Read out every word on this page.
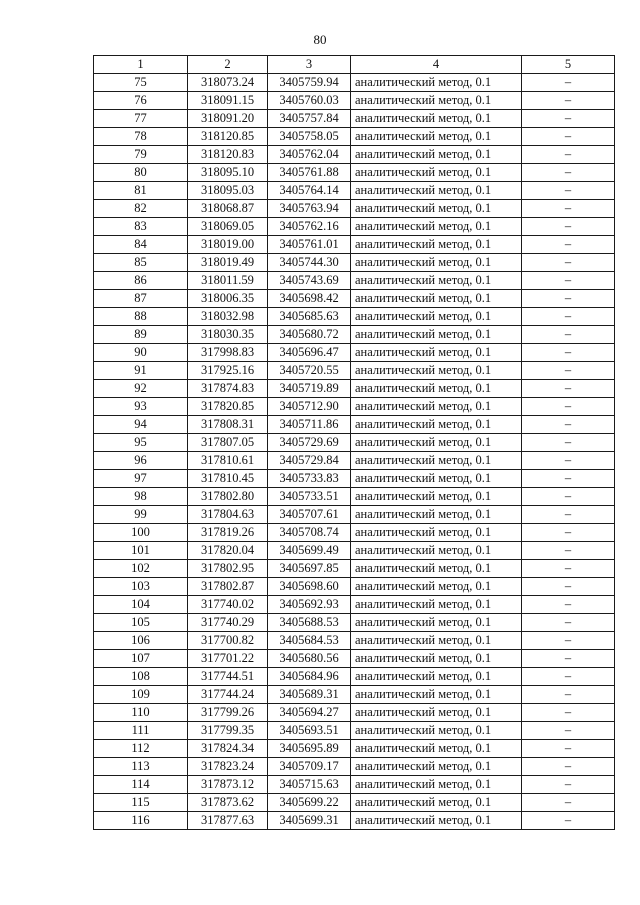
80
1	2	3	4	5
75	318073.24	3405759.94	аналитический метод, 0.1	–
76	318091.15	3405760.03	аналитический метод, 0.1	–
77	318091.20	3405757.84	аналитический метод, 0.1	–
78	318120.85	3405758.05	аналитический метод, 0.1	–
79	318120.83	3405762.04	аналитический метод, 0.1	–
80	318095.10	3405761.88	аналитический метод, 0.1	–
81	318095.03	3405764.14	аналитический метод, 0.1	–
82	318068.87	3405763.94	аналитический метод, 0.1	–
83	318069.05	3405762.16	аналитический метод, 0.1	–
84	318019.00	3405761.01	аналитический метод, 0.1	–
85	318019.49	3405744.30	аналитический метод, 0.1	–
86	318011.59	3405743.69	аналитический метод, 0.1	–
87	318006.35	3405698.42	аналитический метод, 0.1	–
88	318032.98	3405685.63	аналитический метод, 0.1	–
89	318030.35	3405680.72	аналитический метод, 0.1	–
90	317998.83	3405696.47	аналитический метод, 0.1	–
91	317925.16	3405720.55	аналитический метод, 0.1	–
92	317874.83	3405719.89	аналитический метод, 0.1	–
93	317820.85	3405712.90	аналитический метод, 0.1	–
94	317808.31	3405711.86	аналитический метод, 0.1	–
95	317807.05	3405729.69	аналитический метод, 0.1	–
96	317810.61	3405729.84	аналитический метод, 0.1	–
97	317810.45	3405733.83	аналитический метод, 0.1	–
98	317802.80	3405733.51	аналитический метод, 0.1	–
99	317804.63	3405707.61	аналитический метод, 0.1	–
100	317819.26	3405708.74	аналитический метод, 0.1	–
101	317820.04	3405699.49	аналитический метод, 0.1	–
102	317802.95	3405697.85	аналитический метод, 0.1	–
103	317802.87	3405698.60	аналитический метод, 0.1	–
104	317740.02	3405692.93	аналитический метод, 0.1	–
105	317740.29	3405688.53	аналитический метод, 0.1	–
106	317700.82	3405684.53	аналитический метод, 0.1	–
107	317701.22	3405680.56	аналитический метод, 0.1	–
108	317744.51	3405684.96	аналитический метод, 0.1	–
109	317744.24	3405689.31	аналитический метод, 0.1	–
110	317799.26	3405694.27	аналитический метод, 0.1	–
111	317799.35	3405693.51	аналитический метод, 0.1	–
112	317824.34	3405695.89	аналитический метод, 0.1	–
113	317823.24	3405709.17	аналитический метод, 0.1	–
114	317873.12	3405715.63	аналитический метод, 0.1	–
115	317873.62	3405699.22	аналитический метод, 0.1	–
116	317877.63	3405699.31	аналитический метод, 0.1	–
